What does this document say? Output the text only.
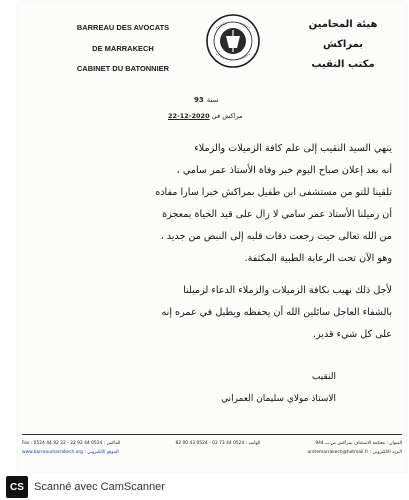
BARREAU DES AVOCATS
DE MARRAKECH
CABINET DU BATONNIER
هيئة المحامين
بمراكش
مكتب النقيب
93 سنة
مراكش في 2020-12-22

ينهي السيد النقيب إلى علم كافة الزميلات والزملاء

أنه بعد إعلان صباح اليوم خبر وفاة الأستاذ عمر سامي ،

تلقينا للتو من مستشفى ابن طفيل بمراكش خبرا سارا مفاده

أن زميلنا الأستاذ عمر سامي لا زال على قيد الحياة بمعجزة

من الله تعالى حيث رجعت دقات قلبه إلى النبض من جديد ،

وهو الآن تحت الرعاية الطبية المكثفة.

لأجل ذلك نهيب بكافة الزميلات والزملاء الدعاء لزميلنا

بالشفاء العاجل سائلين الله أن يحفظه ويطيل في عمره إنه

على كل شيء قدير.

النقيب
الاستاذ مولاي سليمان العمراني
Fax : 0524 44 92 22 - 22 92 44 0524 : الفاكس	الهاتف : 0524 44 73 03 - 0524 43 00 82	العنوان : محكمة الاستئناف بمراكش ص.ب 944
www.barreaumarrakech.org : الموقع الالكتروني	ordremarrakech@hotmail.fr : البريد الالكتروني
CS Scanné avec CamScanner
